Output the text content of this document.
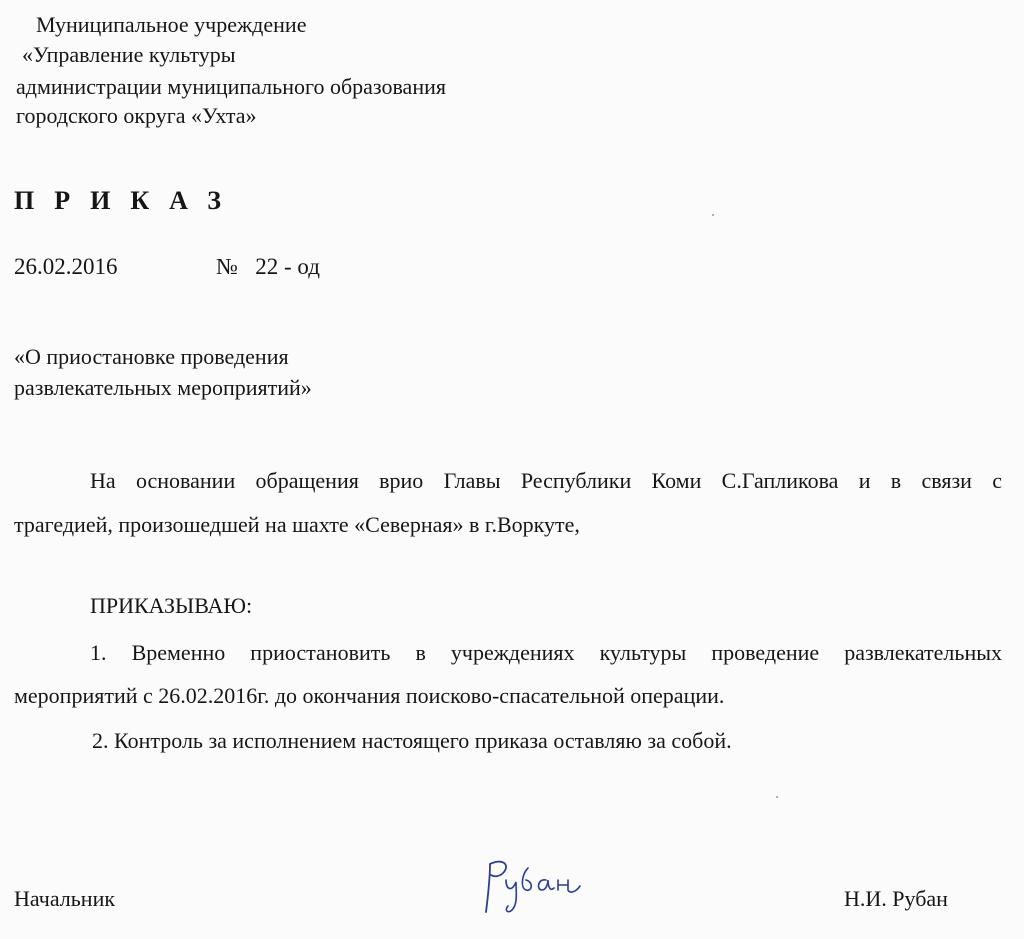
Муниципальное учреждение
«Управление культуры
администрации муниципального образования
городского округа «Ухта»
ПРИКАЗ
26.02.2016	№   22 - од
«О приостановке проведения
развлекательных мероприятий»
На основании обращения врио Главы Республики Коми С.Гапликова и в связи с
трагедией, произошедшей на шахте «Северная» в г.Воркуте,
ПРИКАЗЫВАЮ:
1. Временно приостановить в учреждениях культуры проведение развлекательных
мероприятий с 26.02.2016г. до окончания поисково-спасательной операции.
2. Контроль за исполнением настоящего приказа оставляю за собой.
Начальник	Н.И. Рубан
